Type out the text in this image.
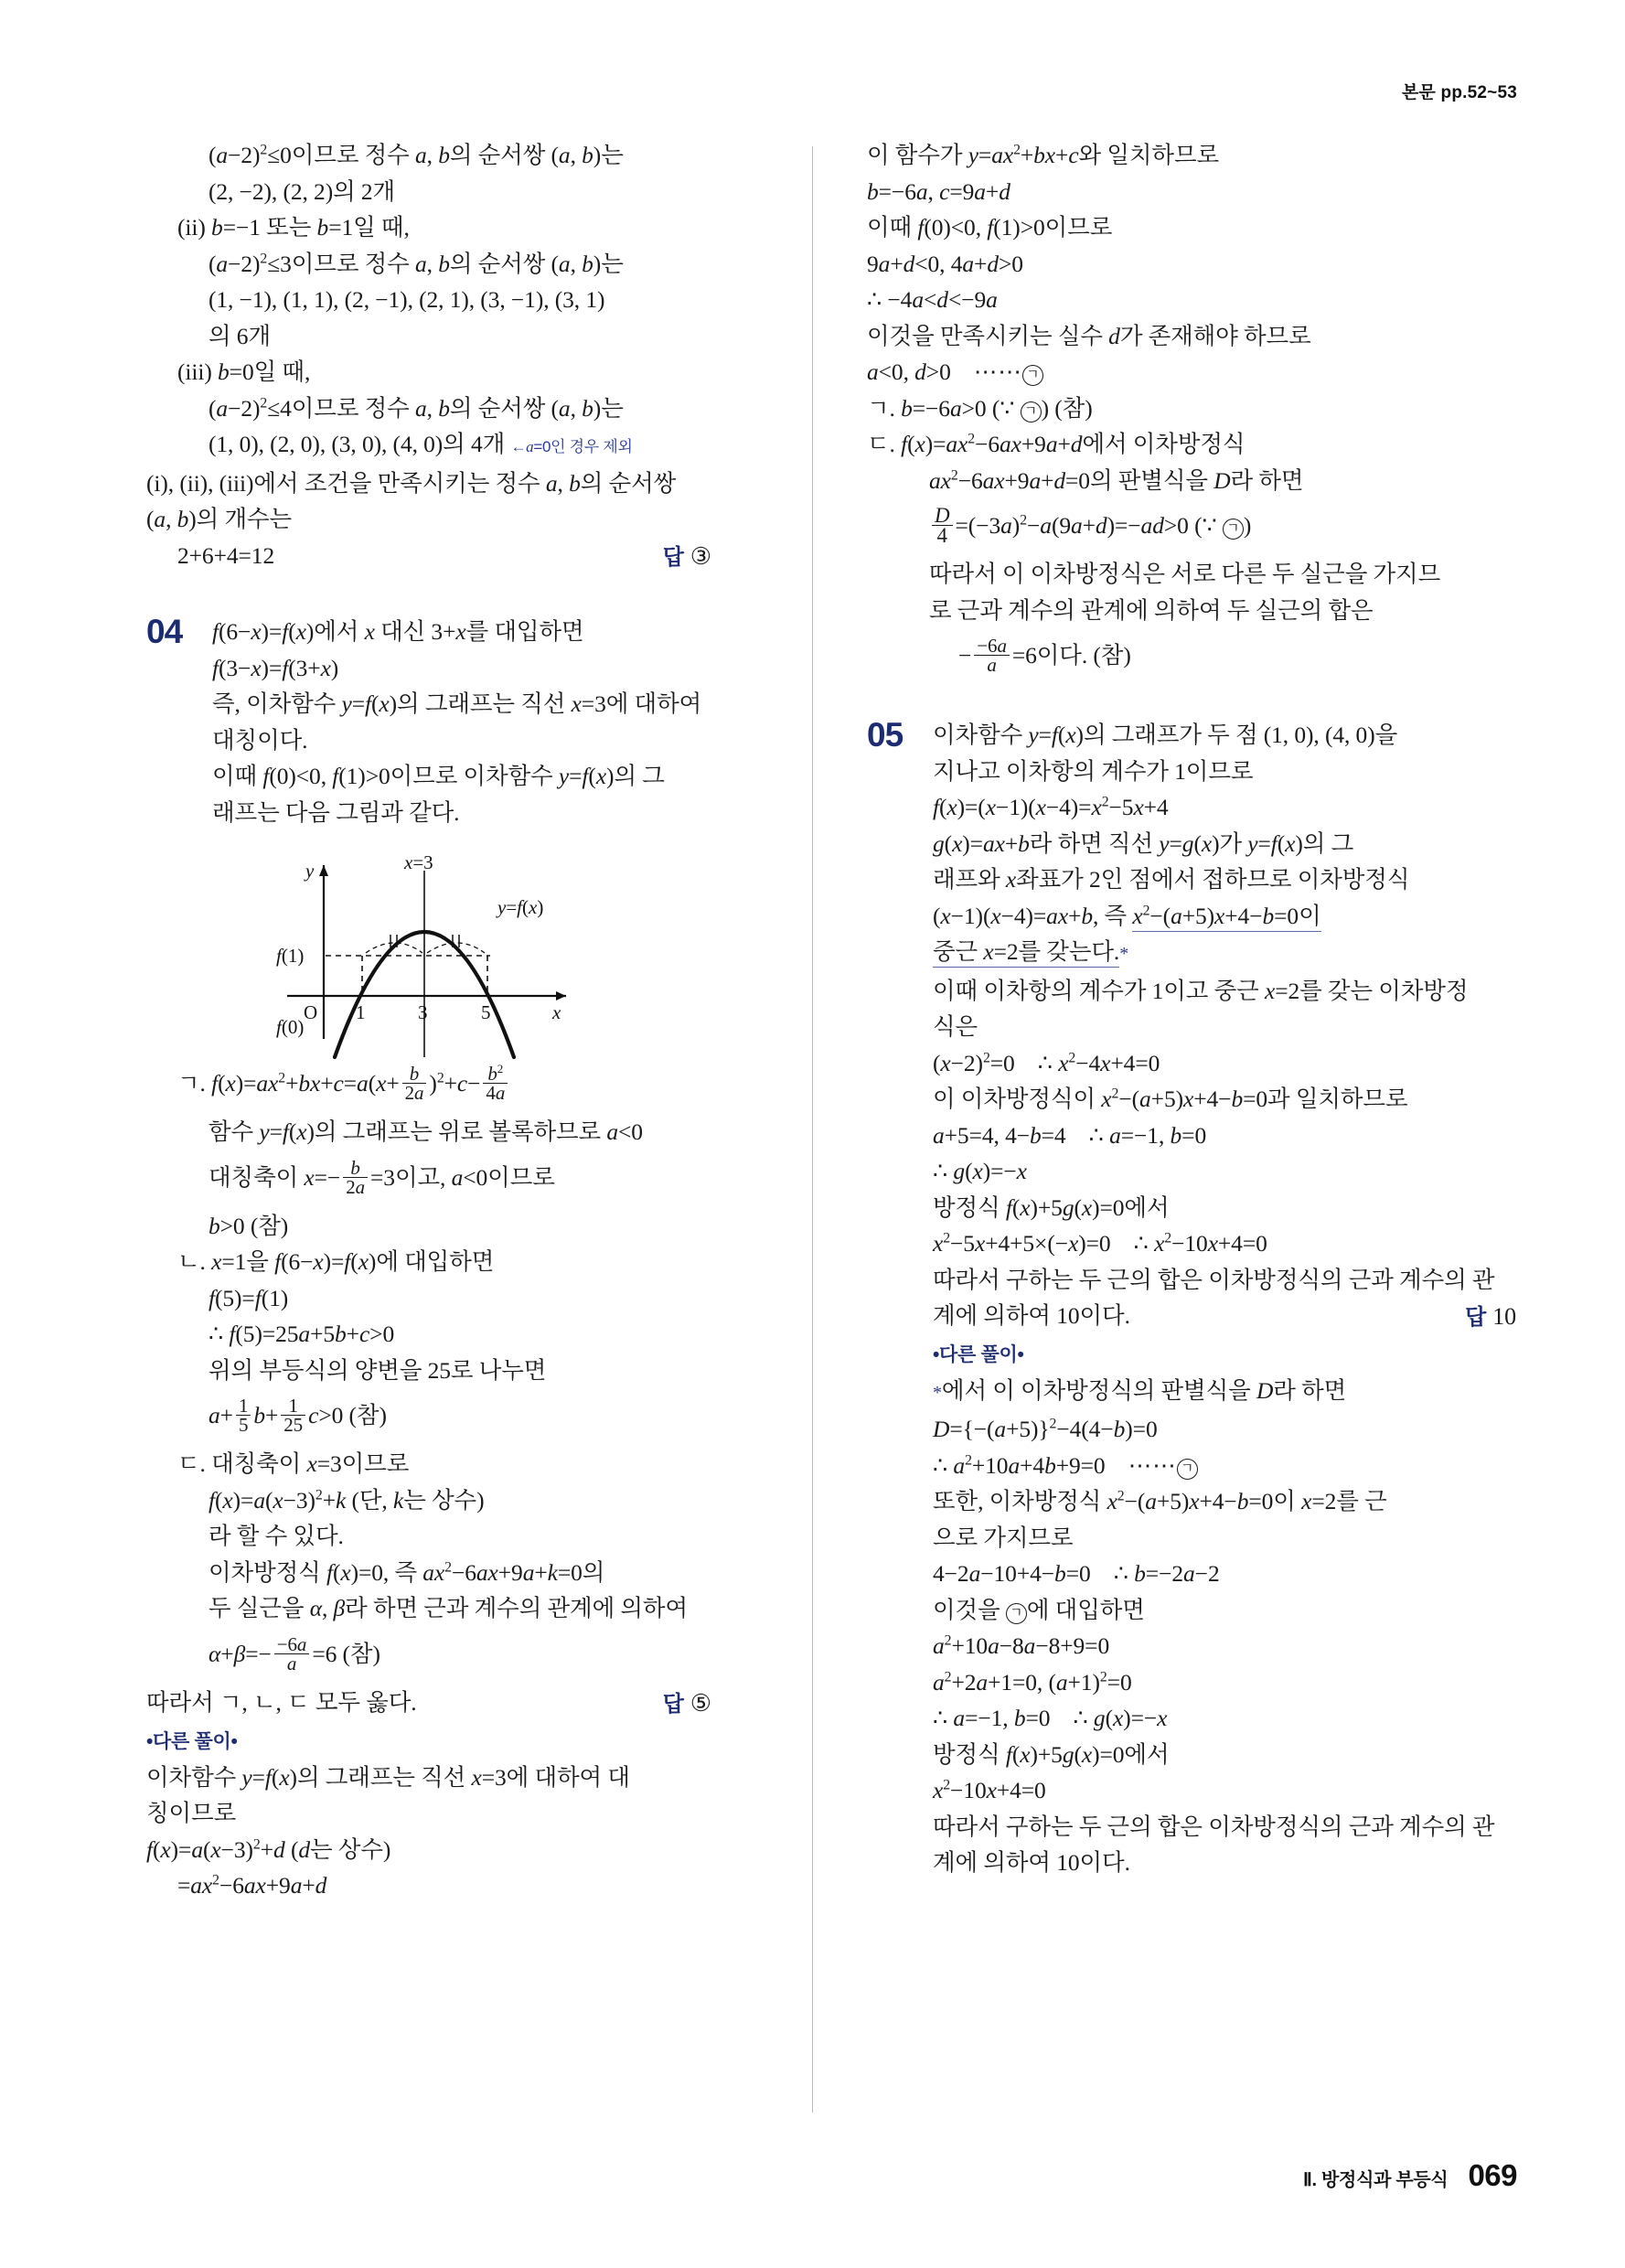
본문 pp.52~53
$(a-2)^2\le 0$이므로 정수 a, b의 순서쌍 (a, b)는
(2, −2), (2, 2)의 2개
(ii) b=−1 또는 b=1일 때,
$(a-2)^2\le 3$이므로 정수 a, b의 순서쌍 (a, b)는
(1, −1), (1, 1), (2, −1), (2, 1), (3, −1), (3, 1)
의 6개
(iii) b=0일 때,
$(a-2)^2\le 4$이므로 정수 a, b의 순서쌍 (a, b)는
(1, 0), (2, 0), (3, 0), (4, 0)의 4개 ←a=0인 경우 제외
(i), (ii), (iii)에서 조건을 만족시키는 정수 a, b의 순서쌍
(a, b)의 개수는
2+6+4=12	답 ③
04	f(6−x)=f(x)에서 x 대신 3+x를 대입하면
f(3−x)=f(3+x)
즉, 이차함수 y=f(x)의 그래프는 직선 x=3에 대하여
대칭이다.
이때 f(0)<0, f(1)>0이므로 이차함수 y=f(x)의 그
래프는 다음 그림과 같다.
y	x=3
y=f(x)
f(1)
f(0)
O 1	3	5	x
ㄱ. $f(x)=ax^2+bx+c=a(x+ \frac{b}{2a} )^2+c- \frac{b^2}{4a}$
함수 y=f(x)의 그래프는 위로 볼록하므로 a<0
대칭축이 $x=- \frac{b}{2a} =3$이고, a<0이므로
b>0 (참)
ㄴ. x=1을 f(6−x)=f(x)에 대입하면
f(5)=f(1)
∴ f(5)=25a+5b+c>0
위의 부등식의 양변을 25로 나누면
$a+ \frac{1}{5} b+ \frac{1}{25} c>0$ (참)
ㄷ. 대칭축이 x=3이므로
$f(x)=a(x-3)^2+k$ (단, k는 상수)
라 할 수 있다.
이차방정식 f(x)=0, 즉 $ax^2-6ax+9a+k=0$의
두 실근을 α, β라 하면 근과 계수의 관계에 의하여
$\alpha+\beta=- \frac{-6a}{a} =6$ (참)
따라서 ㄱ, ㄴ, ㄷ 모두 옳다.	답 ⑤
•다른 풀이•
이차함수 y=f(x)의 그래프는 직선 x=3에 대하여 대
칭이므로
$f(x)=a(x-3)^2+d$ (d는 상수)
$=ax^2-6ax+9a+d$
이 함수가 $y=ax^2+bx+c$와 일치하므로
b=−6a, c=9a+d
이때 f(0)<0, f(1)>0이므로
9a+d<0, 4a+d>0
∴ −4a<d<−9a
이것을 만족시키는 실수 d가 존재해야 하므로
a<0, d>0    ⋯⋯ ㄱ
ㄱ. b=−6a>0 (∵ ㄱ ) (참)
ㄷ. $f(x)=ax^2-6ax+9a+d$에서 이차방정식
$ax^2-6ax+9a+d=0$의 판별식을 D라 하면
$\frac{D}{4} =(-3a)^2-a(9a+d)=-ad>0$ (∵ ㄱ )
따라서 이 이차방정식은 서로 다른 두 실근을 가지므
로 근과 계수의 관계에 의하여 두 실근의 합은
− $\frac{-6a}{a} =6$이다. (참)
05	이차함수 y=f(x)의 그래프가 두 점 (1, 0), (4, 0)을
지나고 이차항의 계수가 1이므로
$f(x)=(x-1)(x-4)=x^2-5x+4$
g(x)=ax+b라 하면 직선 y=g(x)가 y=f(x)의 그
래프와 x좌표가 2인 점에서 접하므로 이차방정식
(x−1)(x−4)=ax+b, 즉 $x^2-(a+5)x+4-b=0$이
중근 x=2를 갖는다.*
이때 이차항의 계수가 1이고 중근 x=2를 갖는 이차방정
식은
$(x-2)^2=0$    ∴ $x^2-4x+4=0$
이 이차방정식이 $x^2-(a+5)x+4-b=0$과 일치하므로
a+5=4, 4−b=4    ∴ a=−1, b=0
∴ g(x)=−x
방정식 f(x)+5g(x)=0에서
$x^2-5x+4+5\times(-x)=0$    ∴ $x^2-10x+4=0$
따라서 구하는 두 근의 합은 이차방정식의 근과 계수의 관
계에 의하여 10이다.	답 10
•다른 풀이•
*에서 이 이차방정식의 판별식을 D라 하면
$D=\{-(a+5)\}^2-4(4-b)=0$
∴ $a^2+10a+4b+9=0$    ⋯⋯ ㄱ
또한, 이차방정식 $x^2-(a+5)x+4-b=0$이 x=2를 근
으로 가지므로
4−2a−10+4−b=0    ∴ b=−2a−2
이것을 ㄱ 에 대입하면
$a^2+10a-8a-8+9=0$
$a^2+2a+1=0$, $(a+1)^2=0$
∴ a=−1, b=0    ∴ g(x)=−x
방정식 f(x)+5g(x)=0에서
$x^2-10x+4=0$
따라서 구하는 두 근의 합은 이차방정식의 근과 계수의 관
계에 의하여 10이다.
Ⅱ. 방정식과 부등식 069
